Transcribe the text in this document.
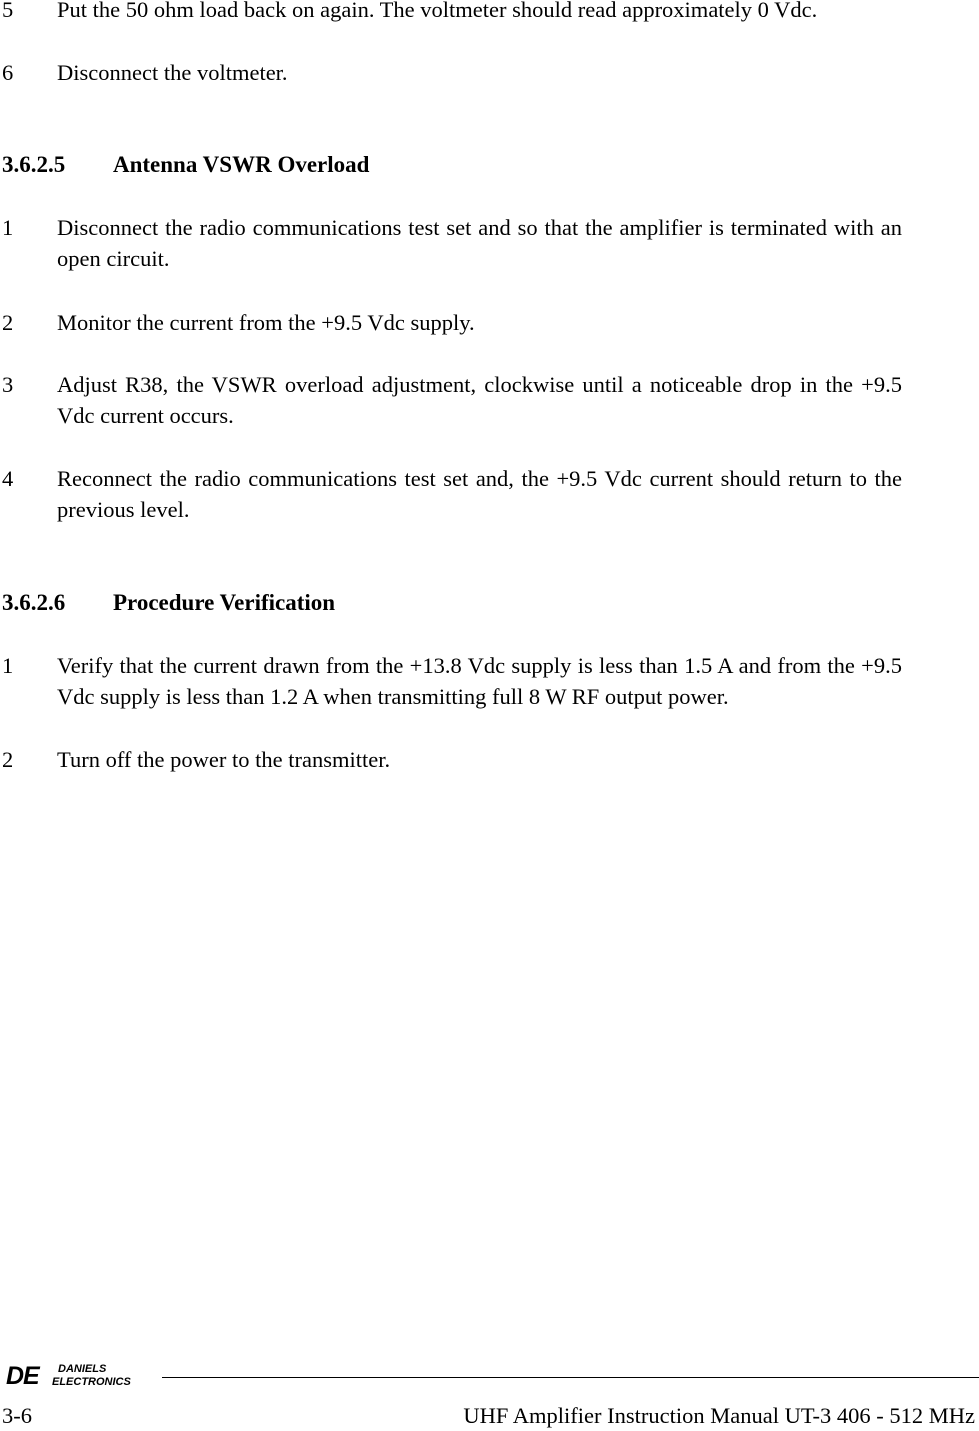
5 Put the 50 ohm load back on again. The voltmeter should read approximately 0 Vdc.
6 Disconnect the voltmeter.
3.6.2.5 Antenna VSWR Overload
1 Disconnect the radio communications test set and so that the amplifier is terminated with an open circuit.
2 Monitor the current from the +9.5 Vdc supply.
3 Adjust R38, the VSWR overload adjustment, clockwise until a noticeable drop in the +9.5 Vdc current occurs.
4 Reconnect the radio communications test set and, the +9.5 Vdc current should return to the previous level.
3.6.2.6 Procedure Verification
1 Verify that the current drawn from the +13.8 Vdc supply is less than 1.5 A and from the +9.5 Vdc supply is less than 1.2 A when transmitting full 8 W RF output power.
2 Turn off the power to the transmitter.
DE DANIELS
ELECTRONICS
3-6	UHF Amplifier Instruction Manual UT-3 406 - 512 MHz
